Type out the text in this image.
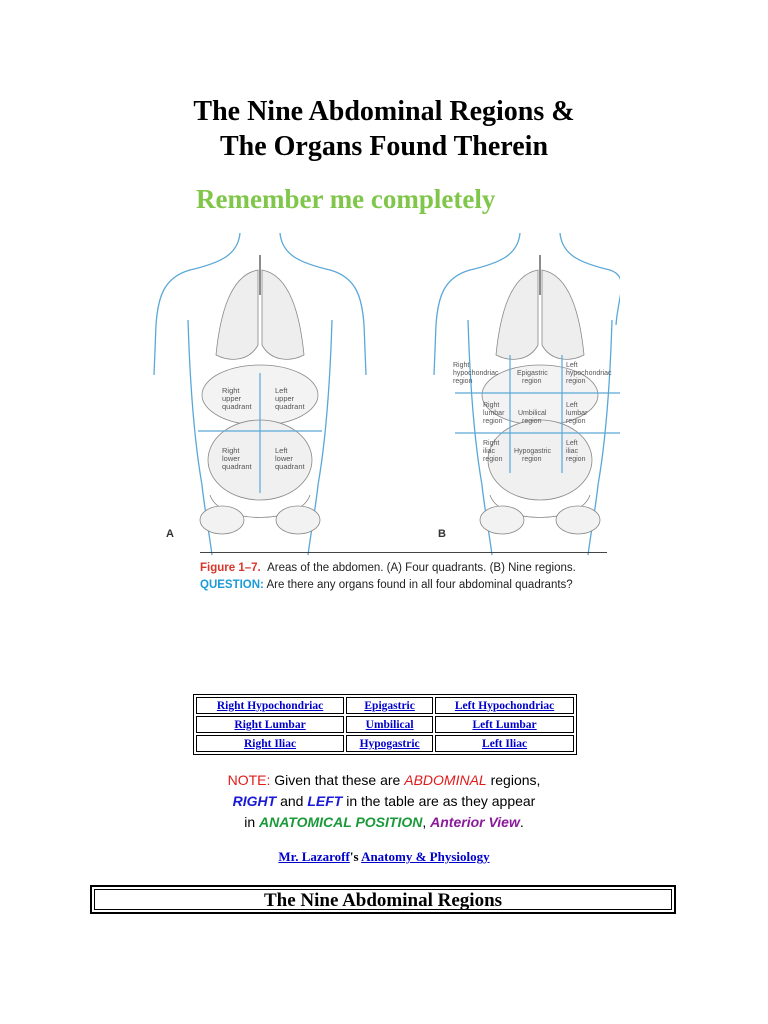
The Nine Abdominal Regions &
The Organs Found Therein
Remember me completely
Right
upper
quadrant
Left
upper
quadrant
Right
lower
quadrant
Left
lower
quadrant
Right
hypochondriac
region
Epigastric
region
Left
hypochondriac
region
Right
lumbar
region
Umbilical
region
Left
lumbar
region
Right
iliac
region
Hypogastric
region
Left
iliac
region
A	B
Figure 1–7. Areas of the abdomen. (A) Four quadrants. (B) Nine regions.
QUESTION: Are there any organs found in all four abdominal quadrants?
Right Hypochondriac	Epigastric	Left Hypochondriac
Right Lumbar	Umbilical	Left Lumbar
Right Iliac	Hypogastric	Left Iliac
NOTE: Given that these are ABDOMINAL regions,
RIGHT and LEFT in the table are as they appear
in ANATOMICAL POSITION, Anterior View.
Mr. Lazaroff's Anatomy & Physiology
The Nine Abdominal Regions
